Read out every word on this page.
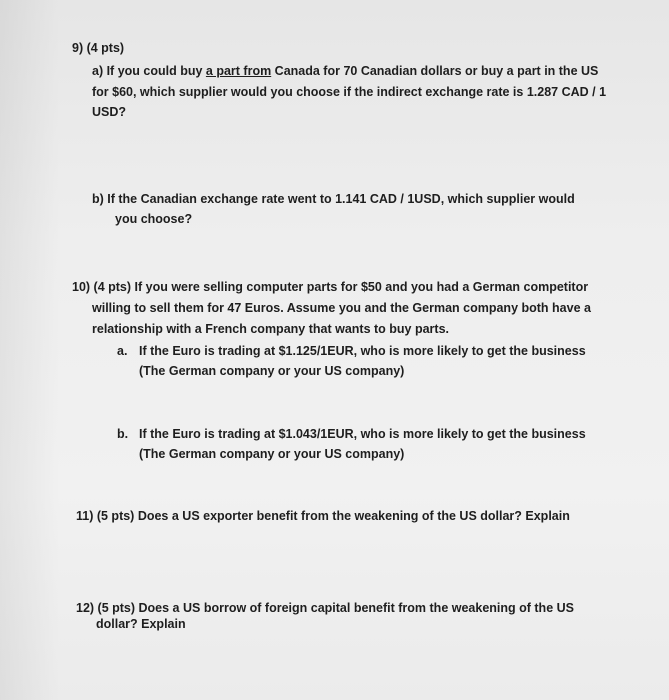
9) (4 pts)
a) If you could buy a part from Canada for 70 Canadian dollars or buy a part in the US
for $60, which supplier would you choose if the indirect exchange rate is 1.287 CAD / 1
USD?
b) If the Canadian exchange rate went to 1.141 CAD / 1USD, which supplier would
you choose?
10) (4 pts) If you were selling computer parts for $50 and you had a German competitor
willing to sell them for 47 Euros. Assume you and the German company both have a
relationship with a French company that wants to buy parts.
a. If the Euro is trading at $1.125/1EUR, who is more likely to get the business
(The German company or your US company)
b. If the Euro is trading at $1.043/1EUR, who is more likely to get the business
(The German company or your US company)
11) (5 pts) Does a US exporter benefit from the weakening of the US dollar? Explain
12) (5 pts) Does a US borrow of foreign capital benefit from the weakening of the US
dollar? Explain
